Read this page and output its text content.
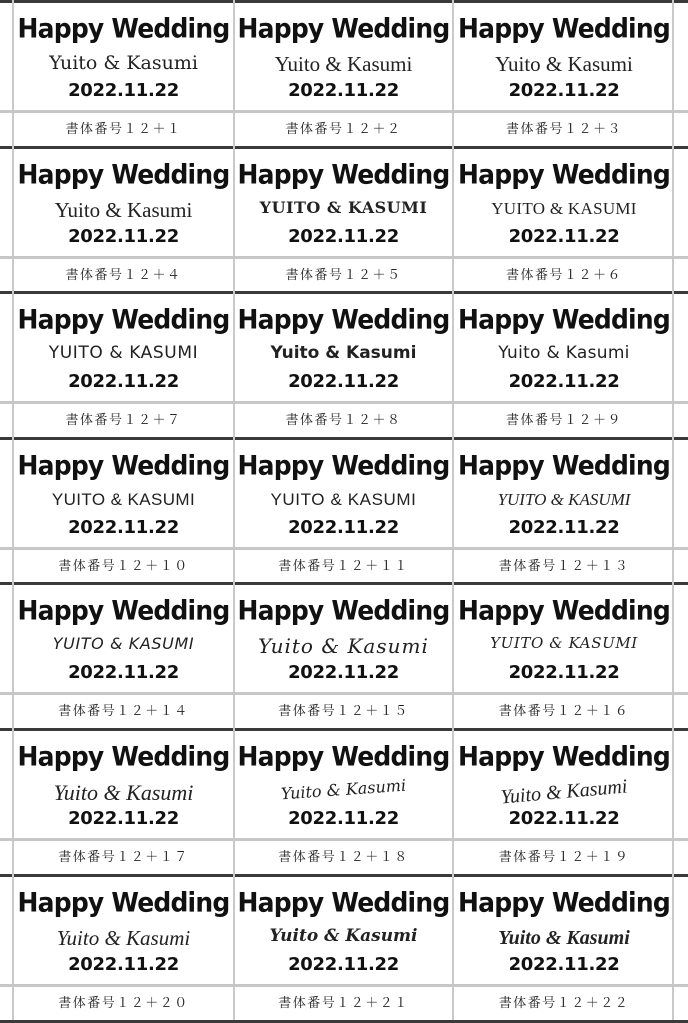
Happy Wedding
Yuito & Kasumi
2022.11.22
書体番号１２＋１
Happy Wedding
Yuito & Kasumi
2022.11.22
書体番号１２＋２
Happy Wedding
Yuito & Kasumi
2022.11.22
書体番号１２＋３
Happy Wedding
Yuito & Kasumi
2022.11.22
書体番号１２＋４
Happy Wedding
YUITO & KASUMI
2022.11.22
書体番号１２＋５
Happy Wedding
YUITO & KASUMI
2022.11.22
書体番号１２＋６
Happy Wedding
YUITO & KASUMI
2022.11.22
書体番号１２＋７
Happy Wedding
Yuito & Kasumi
2022.11.22
書体番号１２＋８
Happy Wedding
Yuito & Kasumi
2022.11.22
書体番号１２＋９
Happy Wedding
YUITO & KASUMI
2022.11.22
書体番号１２＋１０
Happy Wedding
YUITO & KASUMI
2022.11.22
書体番号１２＋１１
Happy Wedding
YUITO & KASUMI
2022.11.22
書体番号１２＋１３
Happy Wedding
YUITO & KASUMI
2022.11.22
書体番号１２＋１４
Happy Wedding
Yuito & Kasumi
2022.11.22
書体番号１２＋１５
Happy Wedding
YUITO & KASUMI
2022.11.22
書体番号１２＋１６
Happy Wedding
Yuito & Kasumi
2022.11.22
書体番号１２＋１７
Happy Wedding
Yuito & Kasumi
2022.11.22
書体番号１２＋１８
Happy Wedding
Yuito & Kasumi
2022.11.22
書体番号１２＋１９
Happy Wedding
Yuito & Kasumi
2022.11.22
書体番号１２＋２０
Happy Wedding
Yuito & Kasumi
2022.11.22
書体番号１２＋２１
Happy Wedding
Yuito & Kasumi
2022.11.22
書体番号１２＋２２
